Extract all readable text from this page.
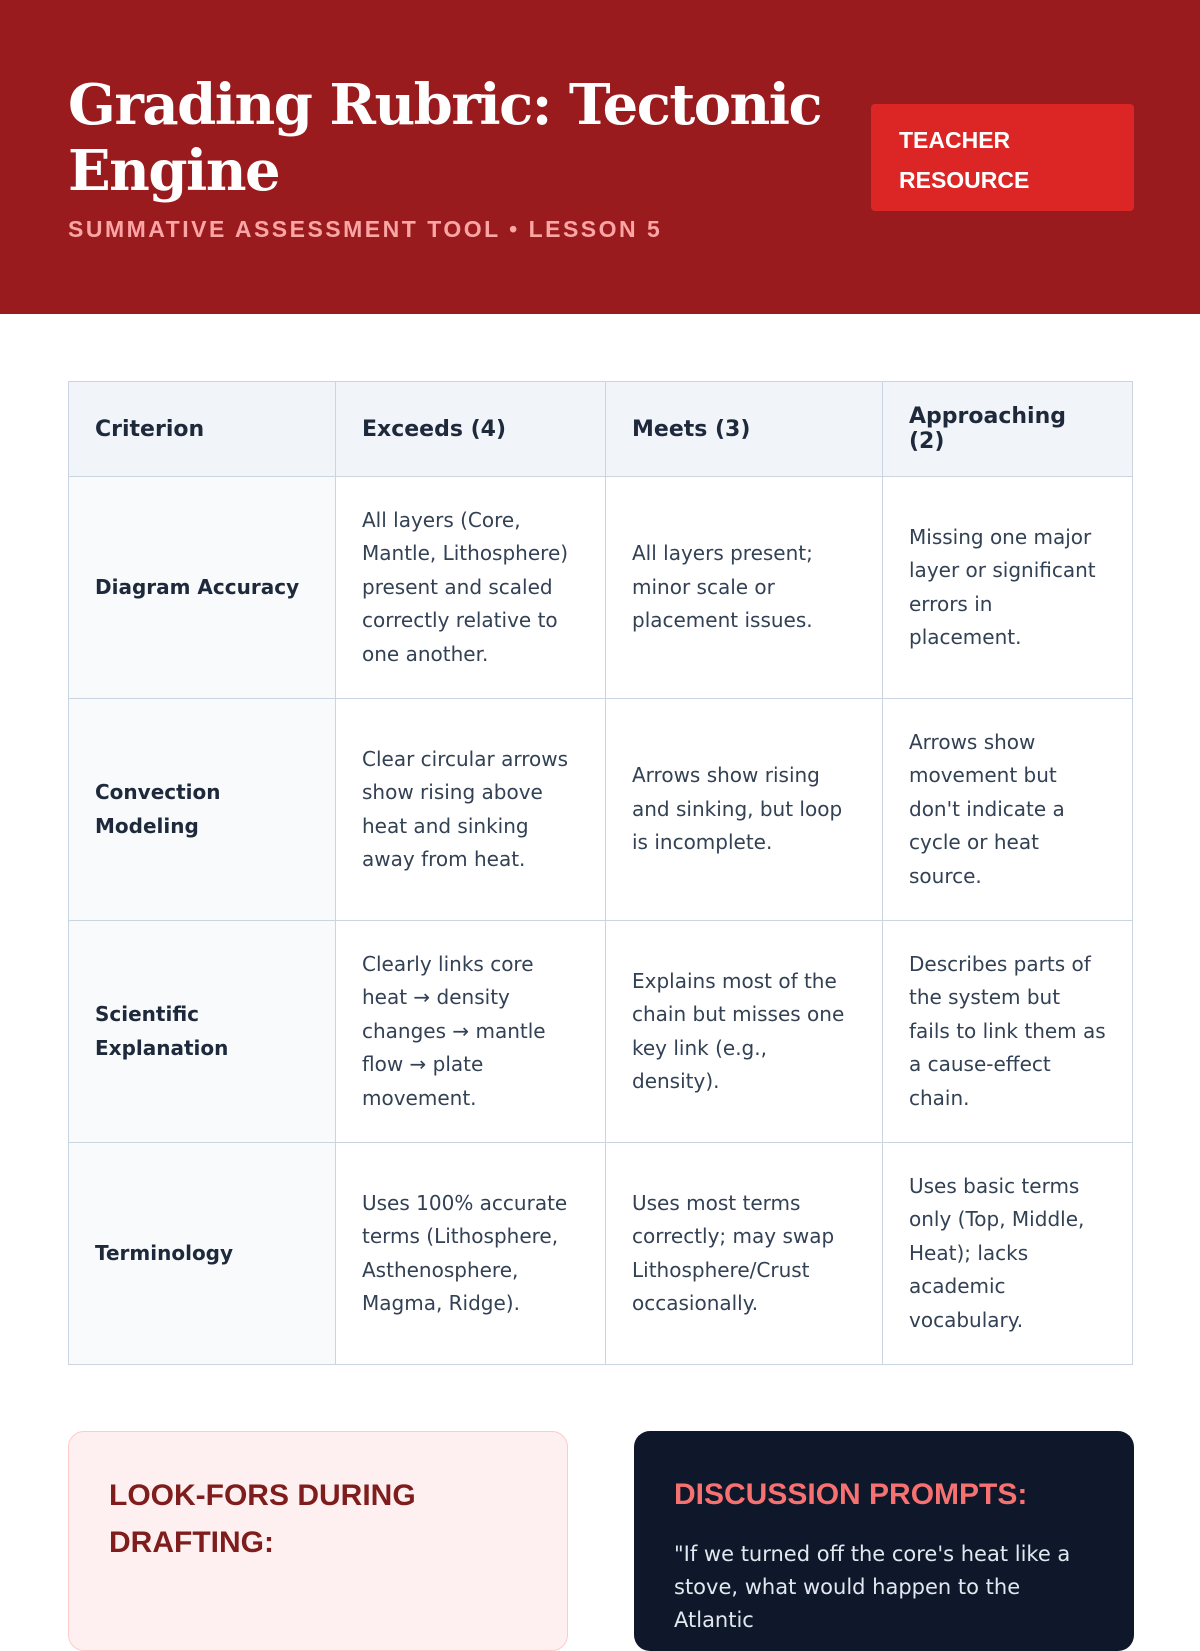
Grading Rubric: Tectonic Engine
SUMMATIVE ASSESSMENT TOOL • LESSON 5
TEACHER RESOURCE
Criterion	Exceeds (4)	Meets (3)	Approaching (2)
Diagram Accuracy	All layers (Core, Mantle, Lithosphere) present and scaled correctly relative to one another.	All layers present; minor scale or placement issues.	Missing one major layer or significant errors in placement.
Convection Modeling	Clear circular arrows show rising above heat and sinking away from heat.	Arrows show rising and sinking, but loop is incomplete.	Arrows show movement but don't indicate a cycle or heat source.
Scientific Explanation	Clearly links core heat → density changes → mantle flow → plate movement.	Explains most of the chain but misses one key link (e.g., density).	Describes parts of the system but fails to link them as a cause-effect chain.
Terminology	Uses 100% accurate terms (Lithosphere, Asthenosphere, Magma, Ridge).	Uses most terms correctly; may swap Lithosphere/Crust occasionally.	Uses basic terms only (Top, Middle, Heat); lacks academic vocabulary.
LOOK-FORS DURING DRAFTING:
DISCUSSION PROMPTS:

"If we turned off the core's heat like a stove, what would happen to the Atlantic
